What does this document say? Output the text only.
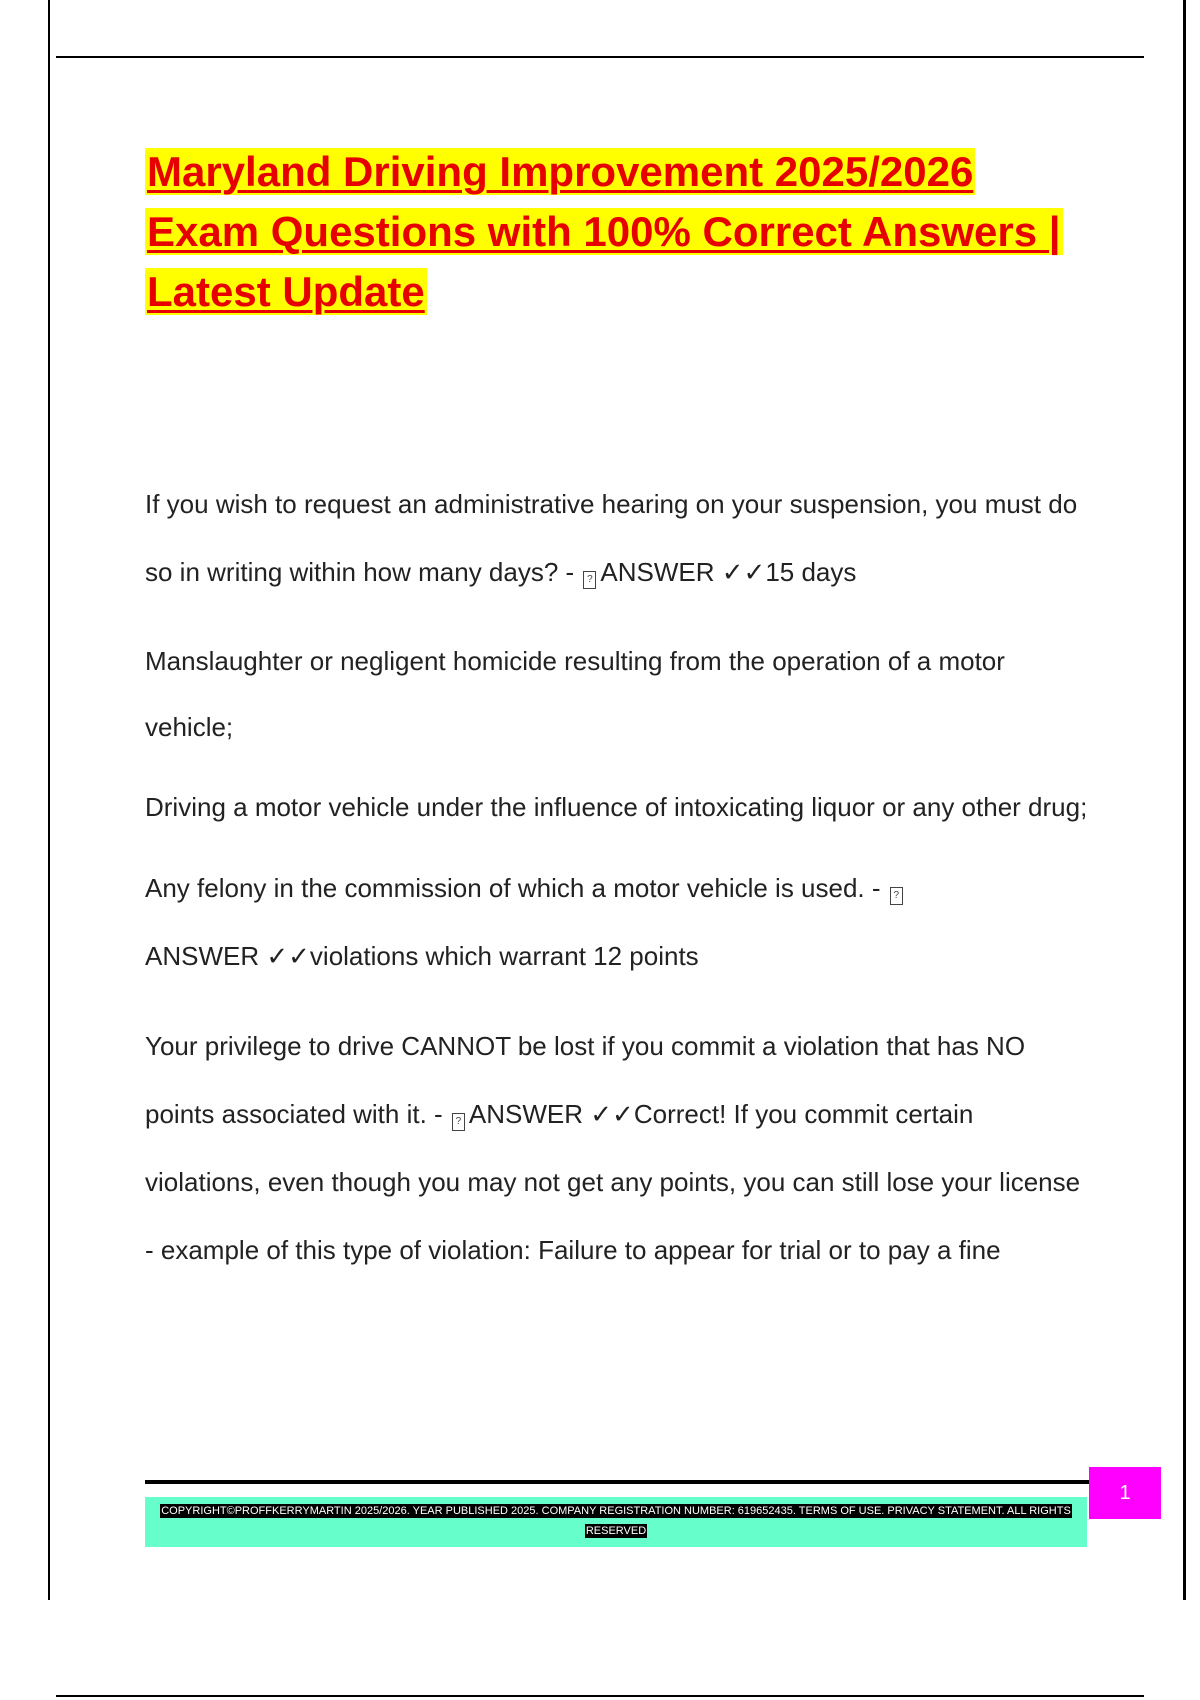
Maryland Driving Improvement 2025/2026 Exam Questions with 100% Correct Answers | Latest Update

If you wish to request an administrative hearing on your suspension, you must do so in writing within how many days? - ? ANSWER ✓✓15 days

Manslaughter or negligent homicide resulting from the operation of a motor vehicle;

Driving a motor vehicle under the influence of intoxicating liquor or any other drug;

Any felony in the commission of which a motor vehicle is used. - ?
ANSWER ✓✓violations which warrant 12 points

Your privilege to drive CANNOT be lost if you commit a violation that has NO points associated with it. - ? ANSWER ✓✓Correct! If you commit certain violations, even though you may not get any points, you can still lose your license - example of this type of violation: Failure to appear for trial or to pay a fine

COPYRIGHT©PROFFKERRYMARTIN 2025/2026. YEAR PUBLISHED 2025. COMPANY REGISTRATION NUMBER: 619652435. TERMS OF USE. PRIVACY STATEMENT. ALL RIGHTS RESERVED
1
